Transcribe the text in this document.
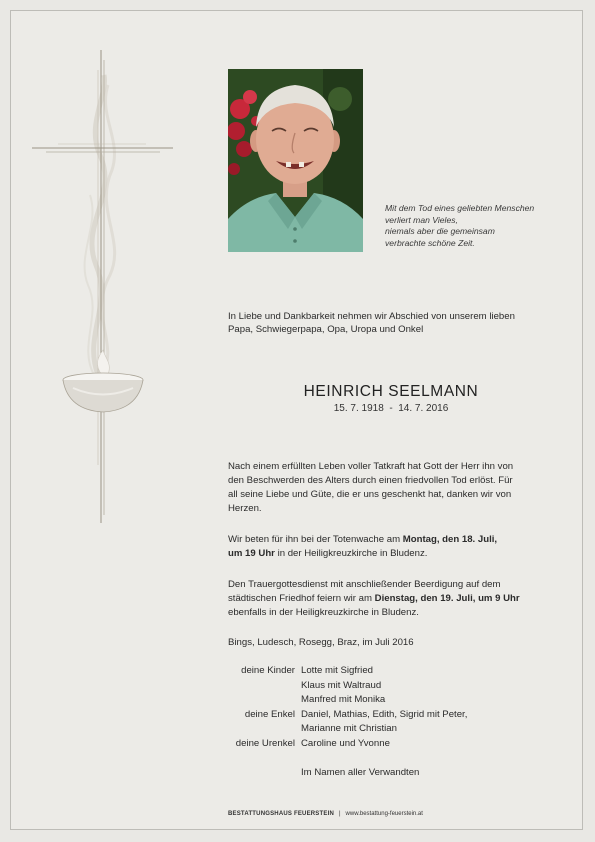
Mit dem Tod eines geliebten Menschen
verliert man Vieles,
niemals aber die gemeinsam
verbrachte schöne Zeit.
In Liebe und Dankbarkeit nehmen wir Abschied von unserem lieben
Papa, Schwiegerpapa, Opa, Uropa und Onkel
HEINRICH SEELMANN
15. 7. 1918 - 14. 7. 2016
Nach einem erfüllten Leben voller Tatkraft hat Gott der Herr ihn von
den Beschwerden des Alters durch einen friedvollen Tod erlöst. Für
all seine Liebe und Güte, die er uns geschenkt hat, danken wir von
Herzen.
Wir beten für ihn bei der Totenwache am Montag, den 18. Juli,
um 19 Uhr in der Heiligkreuzkirche in Bludenz.
Den Trauergottesdienst mit anschließender Beerdigung auf dem
städtischen Friedhof feiern wir am Dienstag, den 19. Juli, um 9 Uhr
ebenfalls in der Heiligkreuzkirche in Bludenz.
Bings, Ludesch, Rosegg, Braz, im Juli 2016
deine Kinder Lotte mit Sigfried
Klaus mit Waltraud
Manfred mit Monika
deine Enkel Daniel, Mathias, Edith, Sigrid mit Peter,
Marianne mit Christian
deine Urenkel Caroline und Yvonne
Im Namen aller Verwandten
BESTATTUNGSHAUS FEUERSTEIN | www.bestattung-feuerstein.at
